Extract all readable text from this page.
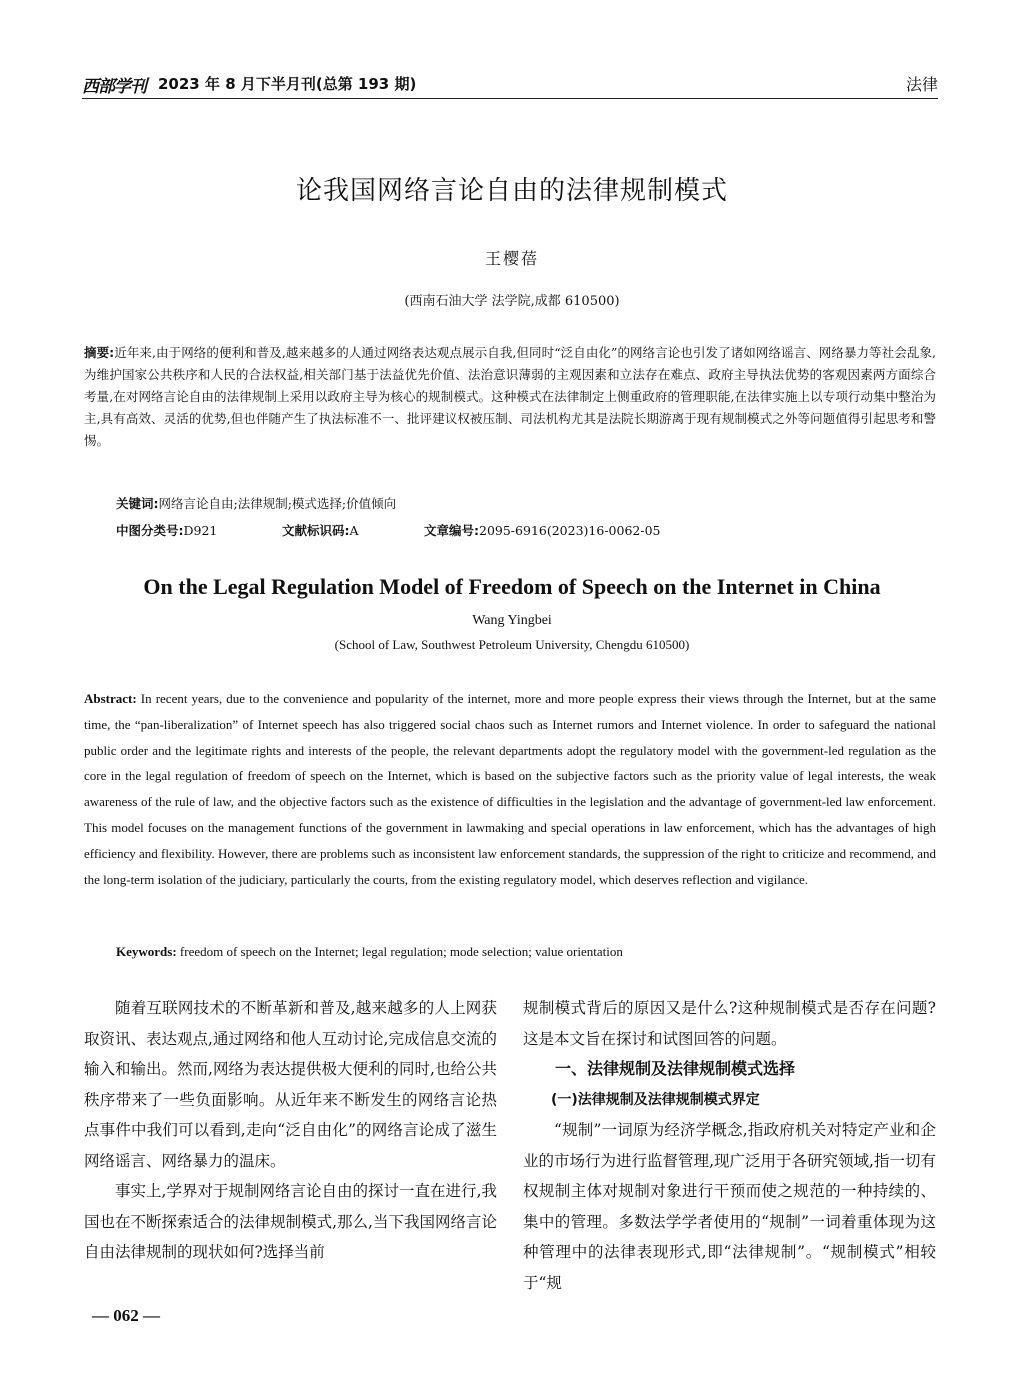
西部学刊 2023 年 8 月下半月刊(总第 193 期)	法律
论我国网络言论自由的法律规制模式
王樱蓓
(西南石油大学 法学院,成都 610500)
摘要:近年来,由于网络的便利和普及,越来越多的人通过网络表达观点展示自我,但同时“泛自由化”的网络言论也引发了诸如网络谣言、网络暴力等社会乱象,为维护国家公共秩序和人民的合法权益,相关部门基于法益优先价值、法治意识薄弱的主观因素和立法存在难点、政府主导执法优势的客观因素两方面综合考量,在对网络言论自由的法律规制上采用以政府主导为核心的规制模式。这种模式在法律制定上侧重政府的管理职能,在法律实施上以专项行动集中整治为主,具有高效、灵活的优势,但也伴随产生了执法标准不一、批评建议权被压制、司法机构尤其是法院长期游离于现有规制模式之外等问题值得引起思考和警惕。
关键词:网络言论自由;法律规制;模式选择;价值倾向
中图分类号:D921	文献标识码:A	文章编号:2095-6916(2023)16-0062-05
On the Legal Regulation Model of Freedom of Speech on the Internet in China
Wang Yingbei
(School of Law, Southwest Petroleum University, Chengdu 610500)
Abstract: In recent years, due to the convenience and popularity of the internet, more and more people express their views through the Internet, but at the same time, the “pan-liberalization” of Internet speech has also triggered social chaos such as Internet rumors and Internet violence. In order to safeguard the national public order and the legitimate rights and interests of the people, the relevant departments adopt the regulatory model with the government-led regulation as the core in the legal regulation of freedom of speech on the Internet, which is based on the subjective factors such as the priority value of legal interests, the weak awareness of the rule of law, and the objective factors such as the existence of difficulties in the legislation and the advantage of government-led law enforcement. This model focuses on the management functions of the government in lawmaking and special operations in law enforcement, which has the advantages of high efficiency and flexibility. However, there are problems such as inconsistent law enforcement standards, the suppression of the right to criticize and recommend, and the long-term isolation of the judiciary, particularly the courts, from the existing regulatory model, which deserves reflection and vigilance.
Keywords: freedom of speech on the Internet; legal regulation; mode selection; value orientation

随着互联网技术的不断革新和普及,越来越多的人上网获取资讯、表达观点,通过网络和他人互动讨论,完成信息交流的输入和输出。然而,网络为表达提供极大便利的同时,也给公共秩序带来了一些负面影响。从近年来不断发生的网络言论热点事件中我们可以看到,走向“泛自由化”的网络言论成了滋生网络谣言、网络暴力的温床。

事实上,学界对于规制网络言论自由的探讨一直在进行,我国也在不断探索适合的法律规制模式,那么,当下我国网络言论自由法律规制的现状如何?选择当前

规制模式背后的原因又是什么?这种规制模式是否存在问题?这是本文旨在探讨和试图回答的问题。

一、法律规制及法律规制模式选择

(一)法律规制及法律规制模式界定

“规制”一词原为经济学概念,指政府机关对特定产业和企业的市场行为进行监督管理,现广泛用于各研究领域,指一切有权规制主体对规制对象进行干预而使之规范的一种持续的、集中的管理。多数法学学者使用的“规制”一词着重体现为这种管理中的法律表现形式,即“法律规制”。“规制模式”相较于“规

— 062 —
